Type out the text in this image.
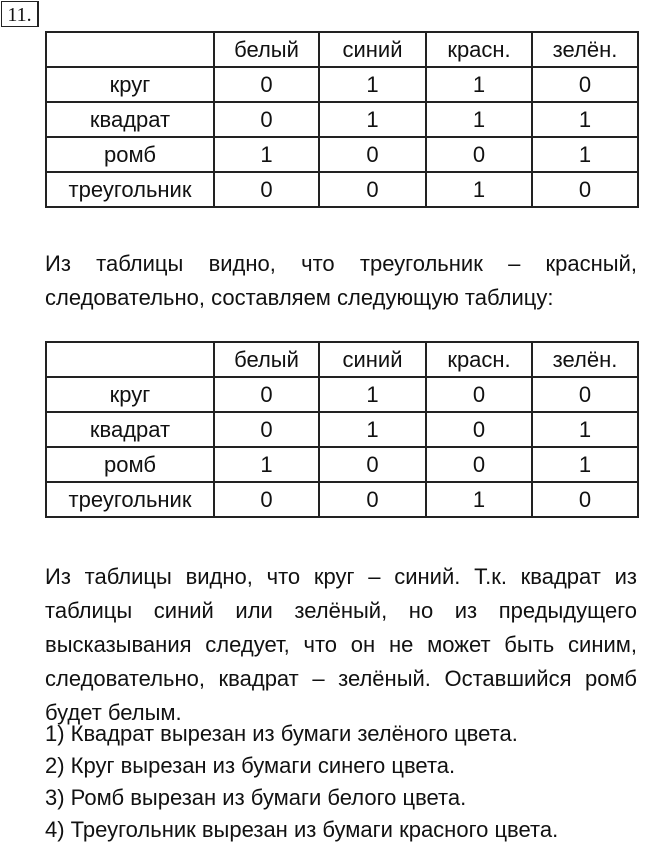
11.
	белый	синий	красн.	зелён.
круг	0	1	1	0
квадрат	0	1	1	1
ромб	1	0	0	1
треугольник	0	0	1	0

Из таблицы видно, что треугольник – красный, следовательно, составляем следующую таблицу:

	белый	синий	красн.	зелён.
круг	0	1	0	0
квадрат	0	1	0	1
ромб	1	0	0	1
треугольник	0	0	1	0

Из таблицы видно, что круг – синий. Т.к. квадрат из таблицы синий или зелёный, но из предыдущего высказывания следует, что он не может быть синим, следовательно, квадрат – зелёный. Оставшийся ромб будет белым.

1) Квадрат вырезан из бумаги зелёного цвета.
2) Круг вырезан из бумаги синего цвета.
3) Ромб вырезан из бумаги белого цвета.
4) Треугольник вырезан из бумаги красного цвета.
